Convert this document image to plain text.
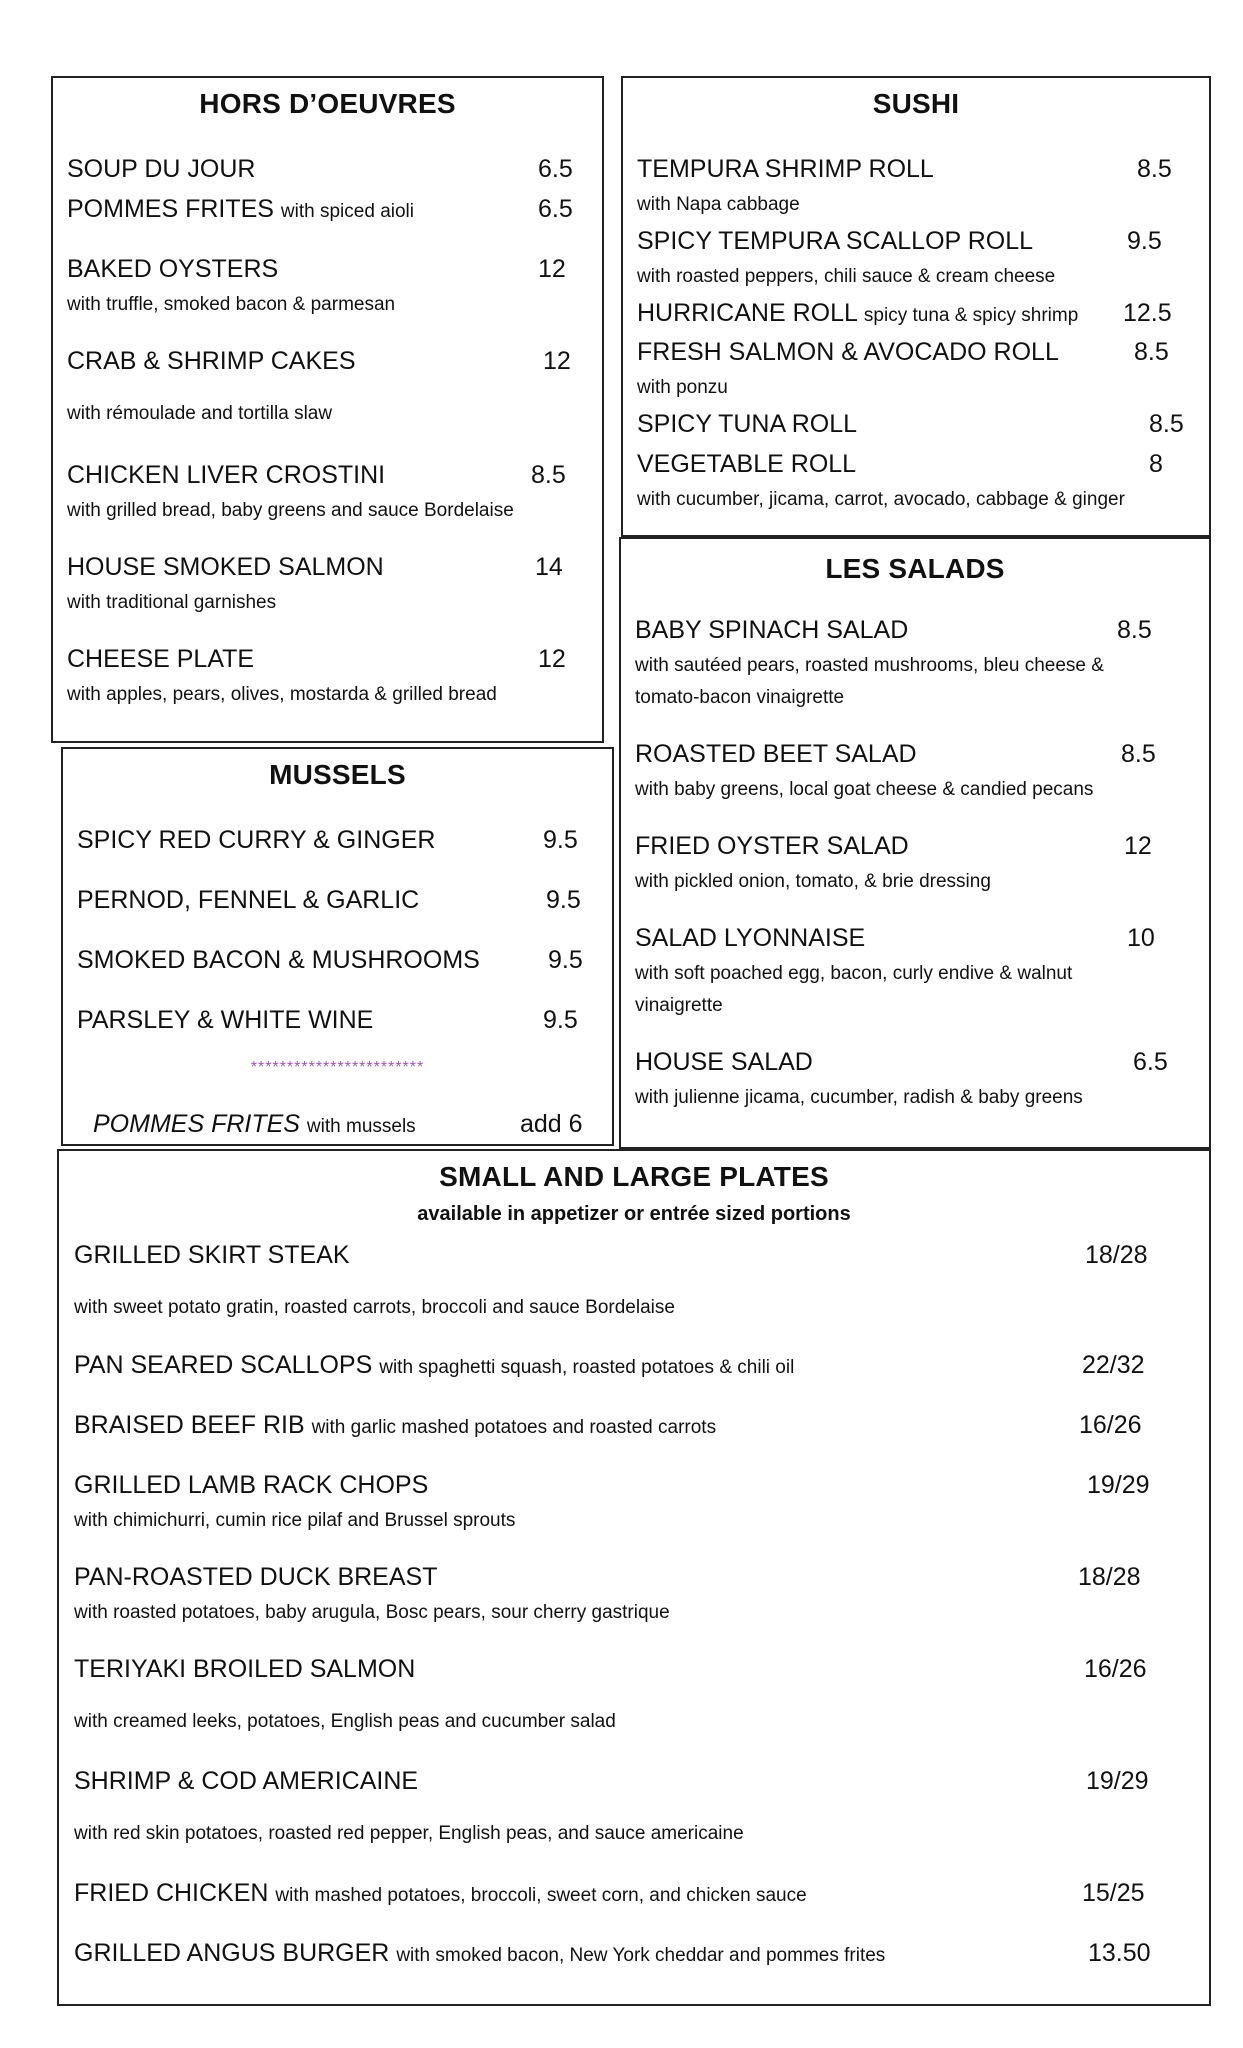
HORS D’OEUVRES
SOUP DU JOUR	6.5
POMMES FRITES with spiced aioli	6.5
BAKED OYSTERS	12
with truffle, smoked bacon & parmesan
CRAB & SHRIMP CAKES	12
with rémoulade and tortilla slaw
CHICKEN LIVER CROSTINI	8.5
with grilled bread, baby greens and sauce Bordelaise
HOUSE SMOKED SALMON	14
with traditional garnishes
CHEESE PLATE	12
with apples, pears, olives, mostarda & grilled bread
SUSHI
TEMPURA SHRIMP ROLL	8.5
with Napa cabbage
SPICY TEMPURA SCALLOP ROLL	9.5
with roasted peppers, chili sauce & cream cheese
HURRICANE ROLL spicy tuna & spicy shrimp 12.5
FRESH SALMON & AVOCADO ROLL	8.5
with ponzu
SPICY TUNA ROLL	8.5
VEGETABLE ROLL	8
with cucumber, jicama, carrot, avocado, cabbage & ginger
LES SALADS
BABY SPINACH SALAD	8.5
with sautéed pears, roasted mushrooms, bleu cheese &
tomato-bacon vinaigrette
ROASTED BEET SALAD	8.5
with baby greens, local goat cheese & candied pecans
FRIED OYSTER SALAD	12
with pickled onion, tomato, & brie dressing
SALAD LYONNAISE	10
with soft poached egg, bacon, curly endive & walnut
vinaigrette
HOUSE SALAD	6.5
with julienne jicama, cucumber, radish & baby greens
MUSSELS
SPICY RED CURRY & GINGER	9.5
PERNOD, FENNEL & GARLIC	9.5
SMOKED BACON & MUSHROOMS	9.5
PARSLEY & WHITE WINE	9.5
************************
POMMES FRITES with mussels	add 6
SMALL AND LARGE PLATES
available in appetizer or entrée sized portions
GRILLED SKIRT STEAK	18/28
with sweet potato gratin, roasted carrots, broccoli and sauce Bordelaise
PAN SEARED SCALLOPS with spaghetti squash, roasted potatoes & chili oil	22/32
BRAISED BEEF RIB with garlic mashed potatoes and roasted carrots	16/26
GRILLED LAMB RACK CHOPS	19/29
with chimichurri, cumin rice pilaf and Brussel sprouts
PAN-ROASTED DUCK BREAST	18/28
with roasted potatoes, baby arugula, Bosc pears, sour cherry gastrique
TERIYAKI BROILED SALMON	16/26
with creamed leeks, potatoes, English peas and cucumber salad
SHRIMP & COD AMERICAINE	19/29
with red skin potatoes, roasted red pepper, English peas, and sauce americaine
FRIED CHICKEN with mashed potatoes, broccoli, sweet corn, and chicken sauce	15/25
GRILLED ANGUS BURGER with smoked bacon, New York cheddar and pommes frites	13.50
